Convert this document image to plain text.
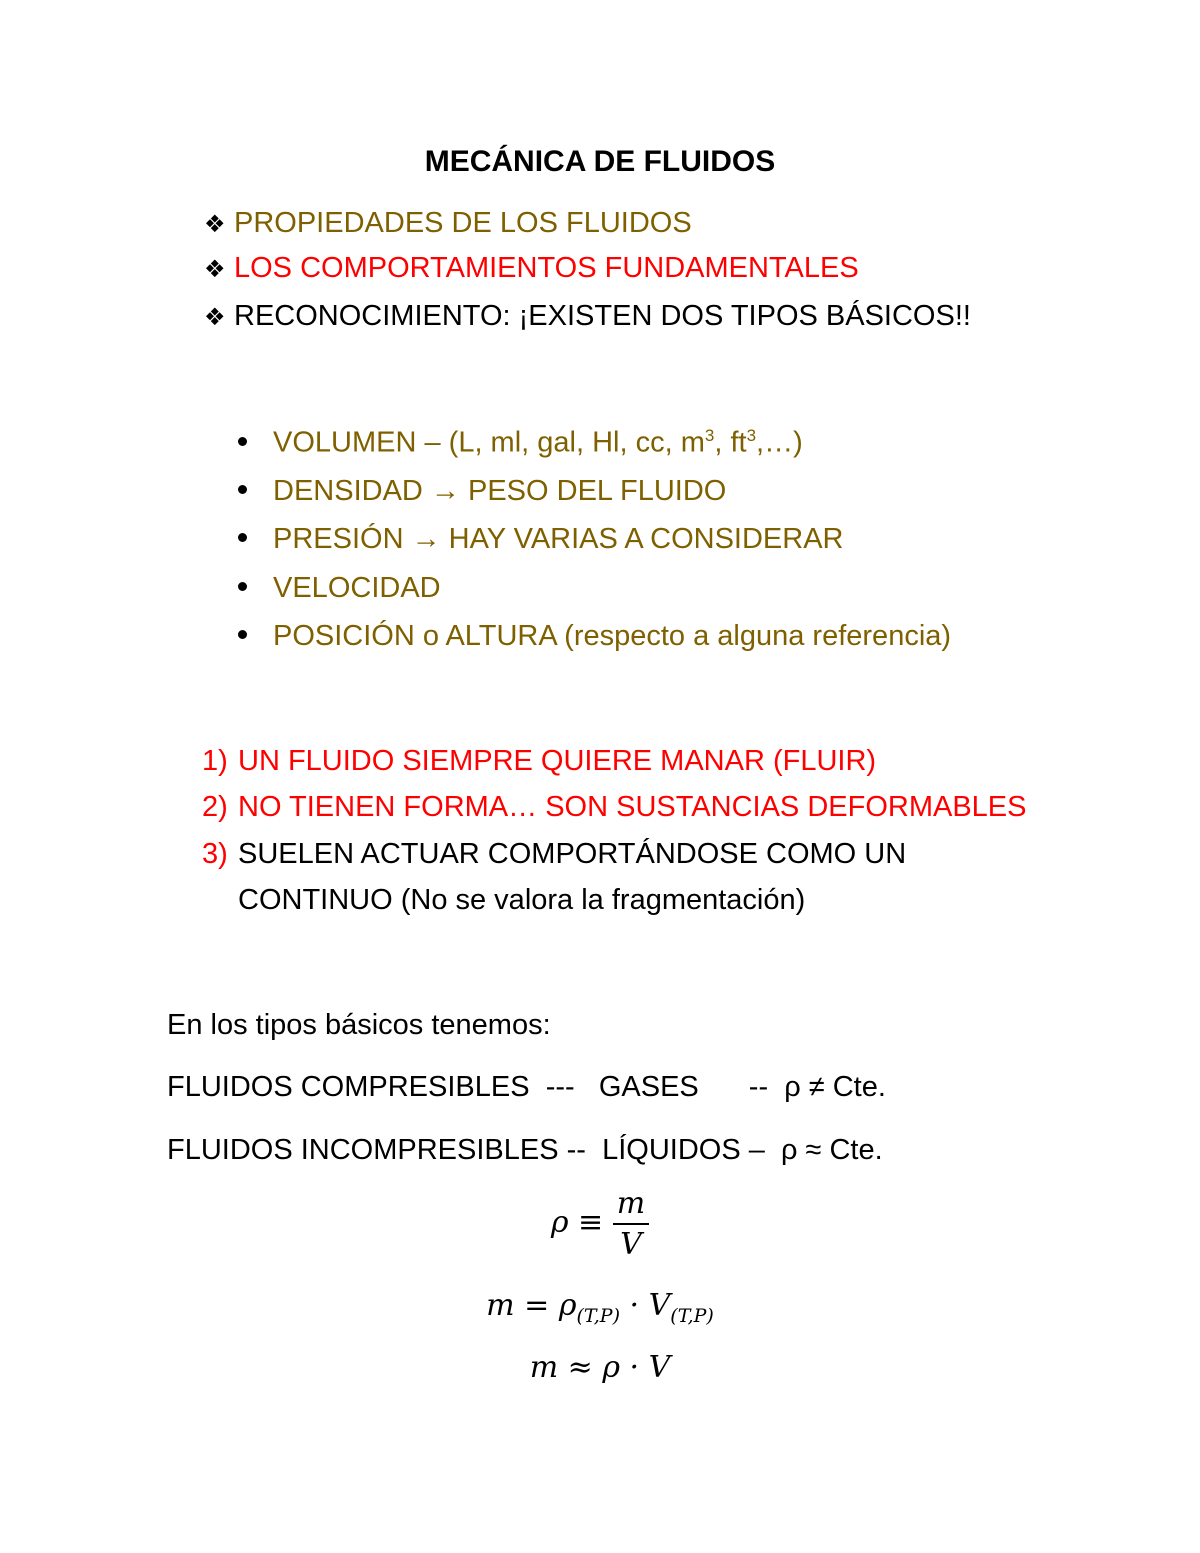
MECÁNICA DE FLUIDOS
❖ PROPIEDADES DE LOS FLUIDOS
❖ LOS COMPORTAMIENTOS FUNDAMENTALES
❖ RECONOCIMIENTO: ¡EXISTEN DOS TIPOS BÁSICOS!!
VOLUMEN – (L, ml, gal, Hl, cc, $m^3$, $ft^3,\dots$)
DENSIDAD → PESO DEL FLUIDO
PRESIÓN → HAY VARIAS A CONSIDERAR
VELOCIDAD
POSICIÓN o ALTURA (respecto a alguna referencia)
1) UN FLUIDO SIEMPRE QUIERE MANAR (FLUIR)
2) NO TIENEN FORMA… SON SUSTANCIAS DEFORMABLES
3) SUELEN ACTUAR COMPORTÁNDOSE COMO UN
CONTINUO (No se valora la fragmentación)
En los tipos básicos tenemos:
FLUIDOS COMPRESIBLES  ---   GASES --  ρ ≠ Cte.
FLUIDOS INCOMPRESIBLES --  LÍQUIDOS –  ρ ≈ Cte.
$\rho \equiv \frac{m}{V}$
$m = \rho_{(T,P)} \cdot V_{(T,P)}$
m ≈ ρ · V
